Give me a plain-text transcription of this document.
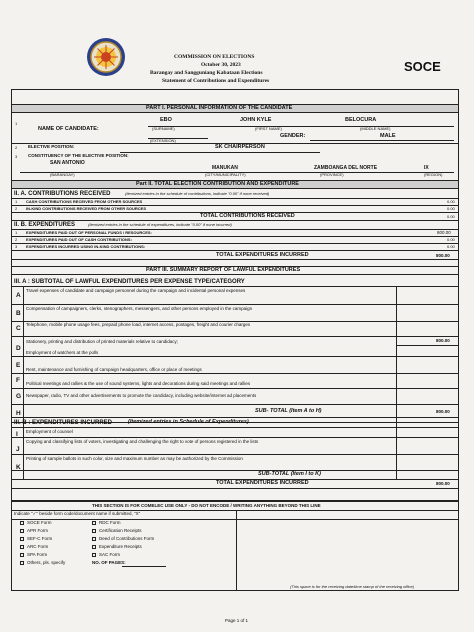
COMMISSION ON ELECTIONS
October 30, 2023
Barangay and Sangguniang Kabataan Elections
Statement of Contributions and Expenditures
SOCE
PART I. PERSONAL INFORMATION OF THE CANDIDATE
1
NAME OF CANDIDATE:
EBO	JOHN KYLE	BELOCURA
(SURNAME)	(FIRST NAME)	(MIDDLE NAME)
(EXTENSION)
GENDER:	MALE
2 ELECTIVE POSITION:	SK CHAIRPERSON
3 CONSTITUENCY OF THE ELECTIVE POSITION:
SAN ANTONIO
MANUKAN	ZAMBOANGA DEL NORTE	IX
(BARANGAY)	(CITY/MUNICIPALITY)	(PROVINCE)	(REGION)
Part II. TOTAL ELECTION CONTRIBUTION AND EXPENDITURE
II. A. CONTRIBUTIONS RECEIVED	(Itemized entries in the schedule of contributions, indicate "0.00" if none received)
1 CASH CONTRIBUTIONS RECEIVED FROM OTHER SOURCES	0.00
2 IN-KIND CONTRIBUTIONS RECEIVED FROM OTHER SOURCES	0.00
TOTAL CONTRIBUTIONS RECEIVED	0.00
II. B. EXPENDITURES	(Itemized entries in the schedule of expenditures, indicate "0.00" if none incurred)
1 EXPENDITURES PAID OUT OF PERSONAL FUNDS / RESOURCES:	800.00
2 EXPENDITURES PAID OUT OF CASH CONTRIBUTIONS:	0.00
3 EXPENDITURES INCURRED USING IN-KIND CONTRIBUTIONS:	0.00
TOTAL EXPENDITURES INCURRED	800.00
PART III. SUMMARY REPORT OF LAWFUL EXPENDITURES
III. A : SUBTOTAL OF LAWFUL EXPENDITURES PER EXPENSE TYPE/CATEGORY
A
Travel expenses of candidate and campaign personnel during the campaign and incidental personal expenses
B
Compensation of campaigners, clerks, stenographers, messengers, and other persons employed in the campaign
C
Telephone, mobile phone usage fees, prepaid phone load, internet access, postages, freight and courier charges
D
Stationery, printing and distribution of printed materials relative to candidacy;	800.00
E
Employment of watchers at the polls
F
Rent, maintenance and furnishing of campaign headquarters, office or place of meetings
G
Political meetings and rallies & the use of sound systems, lights and decorations during said meetings and rallies
H
Newspaper, radio, TV and other advertisements to promote the candidacy, including website/internet ad placements
SUB- TOTAL (Item A to H)	800.00
III. B : EXPENDITURES INCURRED	(Itemized entries in Schedule of Expenditures)
I Employment of counsel
J
Copying and classifying lists of voters, investigating and challenging the right to vote of persons registered in the lists
K
Printing of sample ballots in such color, size and maximum number as may be authorized by the Commission
SUB-TOTAL (Item I to K)
TOTAL EXPENDITURES INCURRED	800.00
THIS SECTION IS FOR COMELEC USE ONLY - DO NOT ENCODE / WRITING ANYTHING BEYOND THIS LINE
Indicate "✓" beside form code/document name if submitted, "X"
SOCE Form
APR Form
SEF-C Form
ARC Form
SPA Form
Others, pls. specify
RDC Form
Certification Receipts
Deed of Contributions Form
Expenditure Receipts
SAC Form
NO. OF PAGES:
(This space is for the receiving date/time stamp of the receiving office)
Page 1 of 1
